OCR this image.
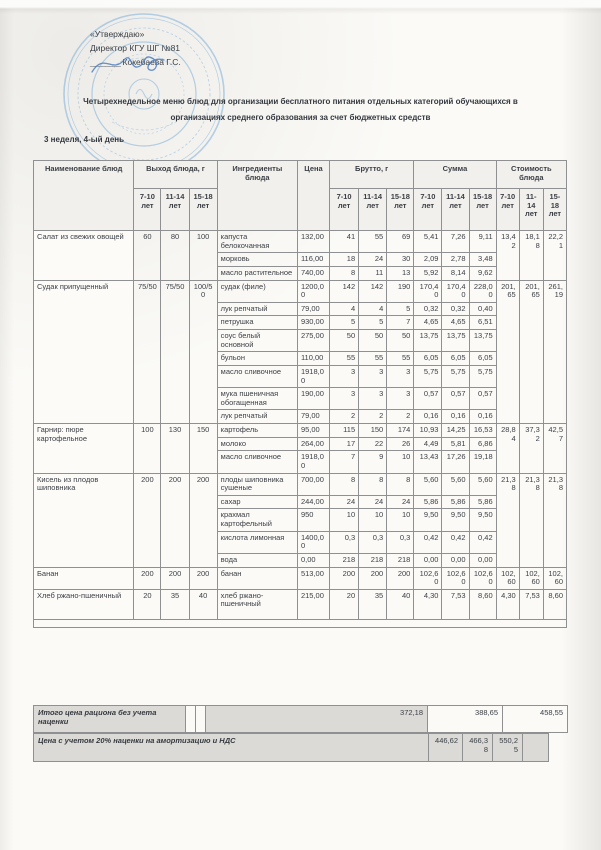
«Утверждаю»
Директор КГУ ШГ №81
________  Кокебаева Г.С.
Четырехнедельное меню блюд для организации бесплатного питания отдельных категорий обучающихся в
организациях среднего образования за счет бюджетных средств
3 неделя, 4-ый день
Наименование блюд	Выход блюда, г			Ингредиенты блюда	Цена	Брутто, г			Сумма			Стоимость блюда		
	7-10 лет	11-14 лет	15-18 лет			7-10 лет	11-14 лет	15-18 лет	7-10 лет	11-14 лет	15-18 лет	7-10 лет	11-14 лет	15-18 лет
Салат из свежих овощей	60	80	100	капуста белокочанная	132,00	41	55	69	5,41	7,26	9,11	13,42	18,18	22,21
				морковь	116,00	18	24	30	2,09	2,78	3,48			
				масло растительное	740,00	8	11	13	5,92	8,14	9,62			
Судак припущенный	75/50	75/50	100/50	судак (филе)	1200,00	142	142	190	170,40	170,40	228,00	201,65	201,65	261,19
				лук репчатый	79,00	4	4	5	0,32	0,32	0,40			
				петрушка	930,00	5	5	7	4,65	4,65	6,51			
				соус белый основной	275,00	50	50	50	13,75	13,75	13,75			
				бульон	110,00	55	55	55	6,05	6,05	6,05			
				масло сливочное	1918,00	3	3	3	5,75	5,75	5,75			
				мука пшеничная обогащенная	190,00	3	3	3	0,57	0,57	0,57			
				лук репчатый	79,00	2	2	2	0,16	0,16	0,16			
Гарнир: пюре картофельное	100	130	150	картофель	95,00	115	150	174	10,93	14,25	16,53	28,84	37,32	42,57
				молоко	264,00	17	22	26	4,49	5,81	6,86			
				масло сливочное	1918,00	7	9	10	13,43	17,26	19,18			
Кисель из плодов шиповника	200	200	200	плоды шиповника сушеные	700,00	8	8	8	5,60	5,60	5,60	21,38	21,38	21,38
				сахар	244,00	24	24	24	5,86	5,86	5,86			
				крахмал картофельный	950	10	10	10	9,50	9,50	9,50			
				кислота лимонная	1400,00	0,3	0,3	0,3	0,42	0,42	0,42			
				вода	0,00	218	218	218	0,00	0,00	0,00			
Банан	200	200	200	банан	513,00	200	200	200	102,60	102,60	102,60	102,60	102,60	102,60
Хлеб ржано-пшеничный	20	35	40	хлеб ржано-пшеничный	215,00	20	35	40	4,30	7,53	8,60	4,30	7,53	8,60

Итого цена рациона без учета наценки			372,18	388,65	458,55
Цена с учетом 20% наценки на амортизацию и НДС	446,62	466,38	550,25	
